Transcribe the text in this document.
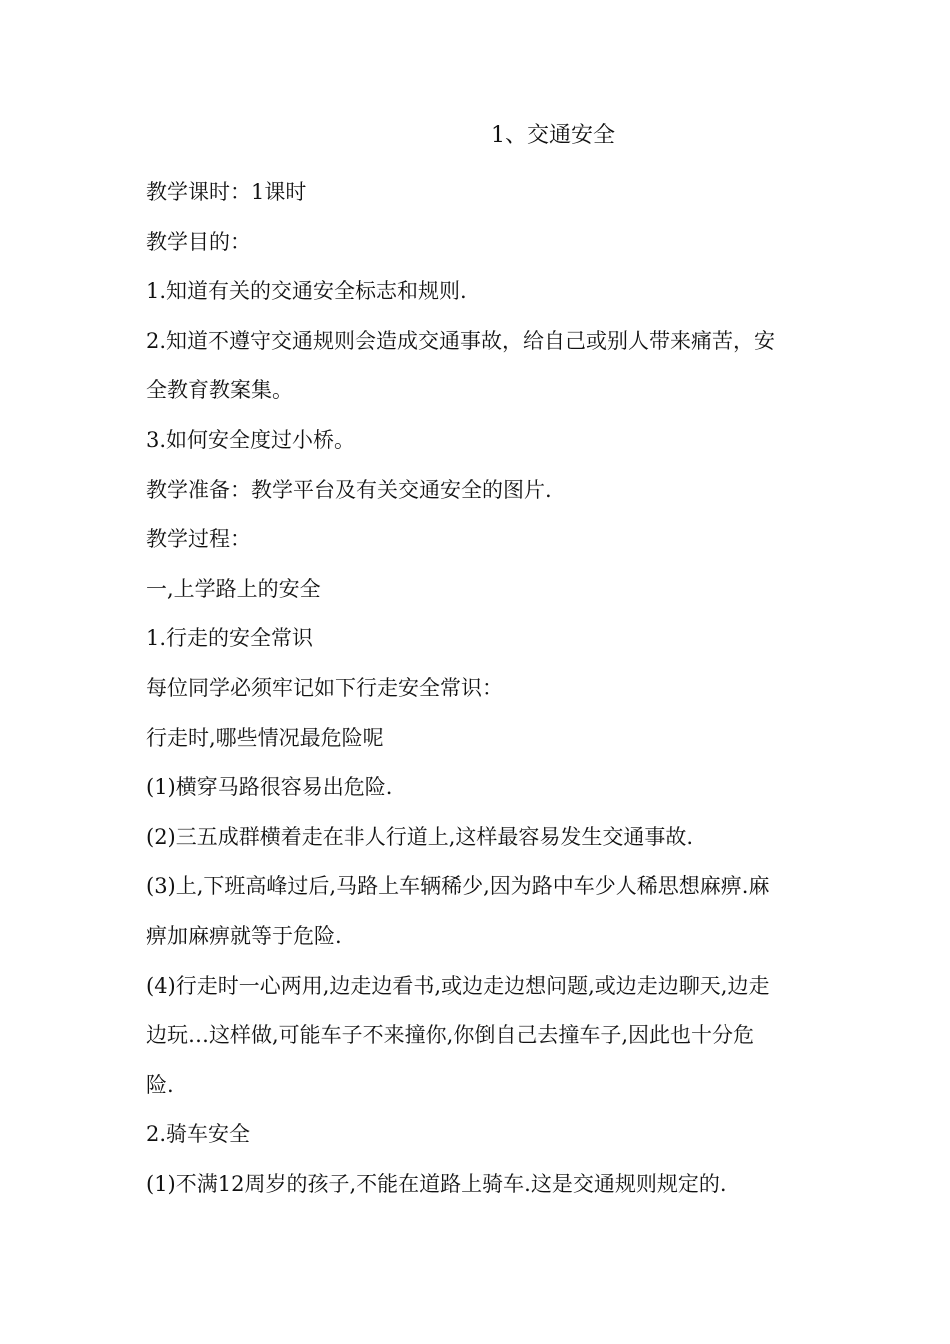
1、交通安全
教学课时：1课时
教学目的：
1.知道有关的交通安全标志和规则.
2.知道不遵守交通规则会造成交通事故，给自己或别人带来痛苦，安
全教育教案集。
3.如何安全度过小桥。
教学准备：教学平台及有关交通安全的图片.
教学过程：
一,上学路上的安全
1.行走的安全常识
每位同学必须牢记如下行走安全常识：
行走时,哪些情况最危险呢
(1)横穿马路很容易出危险.
(2)三五成群横着走在非人行道上,这样最容易发生交通事故.
(3)上,下班高峰过后,马路上车辆稀少,因为路中车少人稀思想麻痹.麻
痹加麻痹就等于危险.
(4)行走时一心两用,边走边看书,或边走边想问题,或边走边聊天,边走
边玩…这样做,可能车子不来撞你,你倒自己去撞车子,因此也十分危
险.
2.骑车安全
(1)不满12周岁的孩子,不能在道路上骑车.这是交通规则规定的.
